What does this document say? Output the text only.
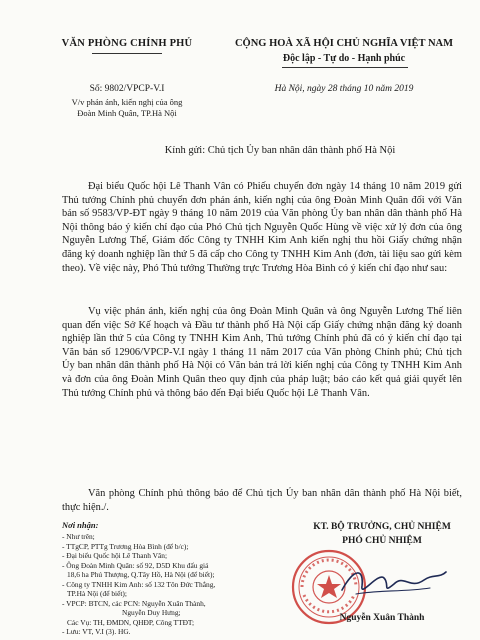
VĂN PHÒNG CHÍNH PHỦ	CỘNG HOÀ XÃ HỘI CHỦ NGHĨA VIỆT NAM
Độc lập - Tự do - Hạnh phúc
Số: 9802/VPCP-V.I
V/v phản ánh, kiến nghị của ông
Đoàn Minh Quân, TP.Hà Nội
Hà Nội, ngày 28 tháng 10 năm 2019
Kính gửi: Chủ tịch Ủy ban nhân dân thành phố Hà Nội

Đại biểu Quốc hội Lê Thanh Vân có Phiếu chuyển đơn ngày 14 tháng 10 năm 2019 gửi Thủ tướng Chính phủ chuyển đơn phản ánh, kiến nghị của ông Đoàn Minh Quân đối với Văn bản số 9583/VP-ĐT ngày 9 tháng 10 năm 2019 của Văn phòng Ủy ban nhân dân thành phố Hà Nội thông báo ý kiến chỉ đạo của Phó Chủ tịch Nguyễn Quốc Hùng về việc xử lý đơn của ông Nguyễn Lương Thế, Giám đốc Công ty TNHH Kim Anh kiến nghị thu hồi Giấy chứng nhận đăng ký doanh nghiệp lần thứ 5 đã cấp cho Công ty TNHH Kim Anh (đơn, tài liệu sao gửi kèm theo). Về việc này, Phó Thủ tướng Thường trực Trương Hòa Bình có ý kiến chỉ đạo như sau:

Vụ việc phản ánh, kiến nghị của ông Đoàn Minh Quân và ông Nguyễn Lương Thế liên quan đến việc Sở Kế hoạch và Đầu tư thành phố Hà Nội cấp Giấy chứng nhận đăng ký doanh nghiệp lần thứ 5 của Công ty TNHH Kim Anh, Thủ tướng Chính phủ đã có ý kiến chỉ đạo tại Văn bản số 12906/VPCP-V.I ngày 1 tháng 11 năm 2017 của Văn phòng Chính phủ; Chủ tịch Ủy ban nhân dân thành phố Hà Nội có Văn bản trả lời kiến nghị của Công ty TNHH Kim Anh và đơn của ông Đoàn Minh Quân theo quy định của pháp luật; báo cáo kết quả giải quyết lên Thủ tướng Chính phủ và thông báo đến Đại biểu Quốc hội Lê Thanh Vân.

Văn phòng Chính phủ thông báo để Chủ tịch Ủy ban nhân dân thành phố Hà Nội biết, thực hiện./.

Nơi nhận:
- Như trên;
- TTgCP, PTTg Trương Hòa Bình (để b/c);
- Đại biểu Quốc hội Lê Thanh Vân;
- Ông Đoàn Minh Quân: số 92, D5D Khu đấu giá
18,6 ha Phú Thượng, Q.Tây Hồ, Hà Nội (để biết);
- Công ty TNHH Kim Anh: số 132 Tôn Đức Thắng,
TP.Hà Nội (để biết);
- VPCP: BTCN, các PCN: Nguyễn Xuân Thành,
Nguyễn Duy Hưng;
Các Vụ: TH, ĐMDN, QHĐP, Công TTĐT;
- Lưu: VT, V.I (3). HG.
KT. BỘ TRƯỞNG, CHỦ NHIỆM
PHÓ CHỦ NHIỆM
Nguyễn Xuân Thành
